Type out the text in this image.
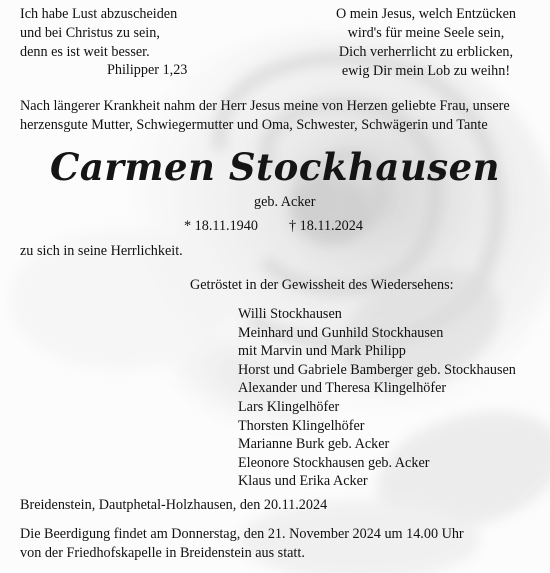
Ich habe Lust abzuscheiden
und bei Christus zu sein,
denn es ist weit besser.
Philipper 1,23
O mein Jesus, welch Entzücken
wird's für meine Seele sein,
Dich verherrlicht zu erblicken,
ewig Dir mein Lob zu weihn!
Nach längerer Krankheit nahm der Herr Jesus meine von Herzen geliebte Frau, unsere
herzensgute Mutter, Schwiegermutter und Oma, Schwester, Schwägerin und Tante
Carmen Stockhausen
geb. Acker
* 18.11.1940 † 18.11.2024
zu sich in seine Herrlichkeit.
Getröstet in der Gewissheit des Wiedersehens:
Willi Stockhausen
Meinhard und Gunhild Stockhausen
mit Marvin und Mark Philipp
Horst und Gabriele Bamberger geb. Stockhausen
Alexander und Theresa Klingelhöfer
Lars Klingelhöfer
Thorsten Klingelhöfer
Marianne Burk geb. Acker
Eleonore Stockhausen geb. Acker
Klaus und Erika Acker
Breidenstein, Dautphetal-Holzhausen, den 20.11.2024
Die Beerdigung findet am Donnerstag, den 21. November 2024 um 14.00 Uhr
von der Friedhofskapelle in Breidenstein aus statt.
